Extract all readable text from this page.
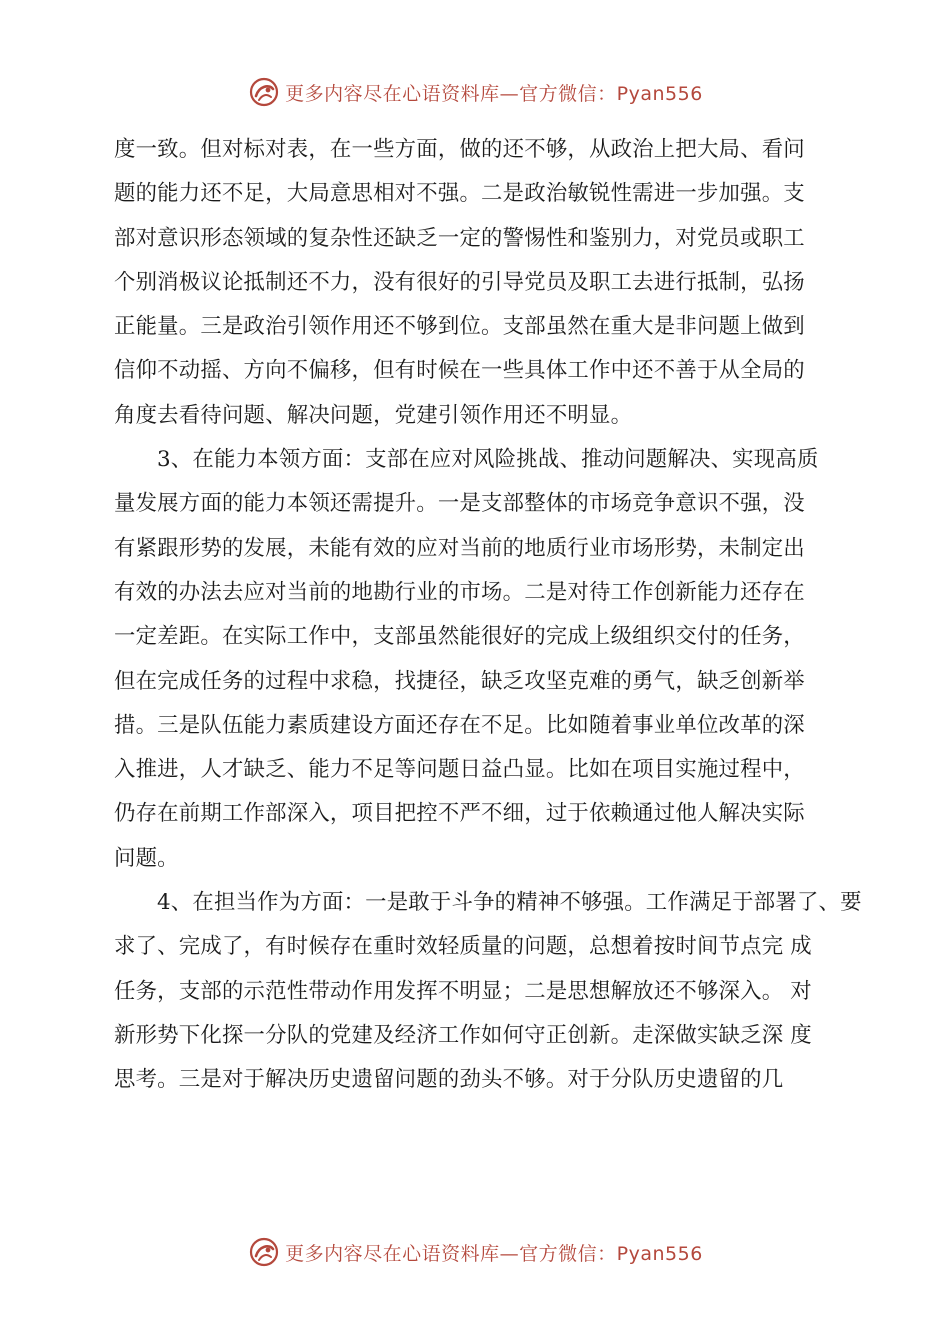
更多内容尽在心语资料库—官方微信：Pyan556
度一致。但对标对表，在一些方面，做的还不够，从政治上把大局、看问
题的能力还不足，大局意思相对不强。二是政治敏锐性需进一步加强。支
部对意识形态领域的复杂性还缺乏一定的警惕性和鉴别力，对党员或职工
个别消极议论抵制还不力，没有很好的引导党员及职工去进行抵制，弘扬
正能量。三是政治引领作用还不够到位。支部虽然在重大是非问题上做到
信仰不动摇、方向不偏移，但有时候在一些具体工作中还不善于从全局的
角度去看待问题、解决问题，党建引领作用还不明显。
3、在能力本领方面：支部在应对风险挑战、推动问题解决、实现高质
量发展方面的能力本领还需提升。一是支部整体的市场竞争意识不强，没
有紧跟形势的发展，未能有效的应对当前的地质行业市场形势，未制定出
有效的办法去应对当前的地勘行业的市场。二是对待工作创新能力还存在
一定差距。在实际工作中，支部虽然能很好的完成上级组织交付的任务，
但在完成任务的过程中求稳，找捷径，缺乏攻坚克难的勇气，缺乏创新举
措。三是队伍能力素质建设方面还存在不足。比如随着事业单位改革的深
入推进，人才缺乏、能力不足等问题日益凸显。比如在项目实施过程中，
仍存在前期工作部深入，项目把控不严不细，过于依赖通过他人解决实际
问题。
4、在担当作为方面：一是敢于斗争的精神不够强。工作满足于部署了、要
求了、完成了，有时候存在重时效轻质量的问题，总想着按时间节点完 成
任务，支部的示范性带动作用发挥不明显；二是思想解放还不够深入。 对
新形势下化探一分队的党建及经济工作如何守正创新。走深做实缺乏深 度
思考。三是对于解决历史遗留问题的劲头不够。对于分队历史遗留的几
更多内容尽在心语资料库—官方微信：Pyan556
